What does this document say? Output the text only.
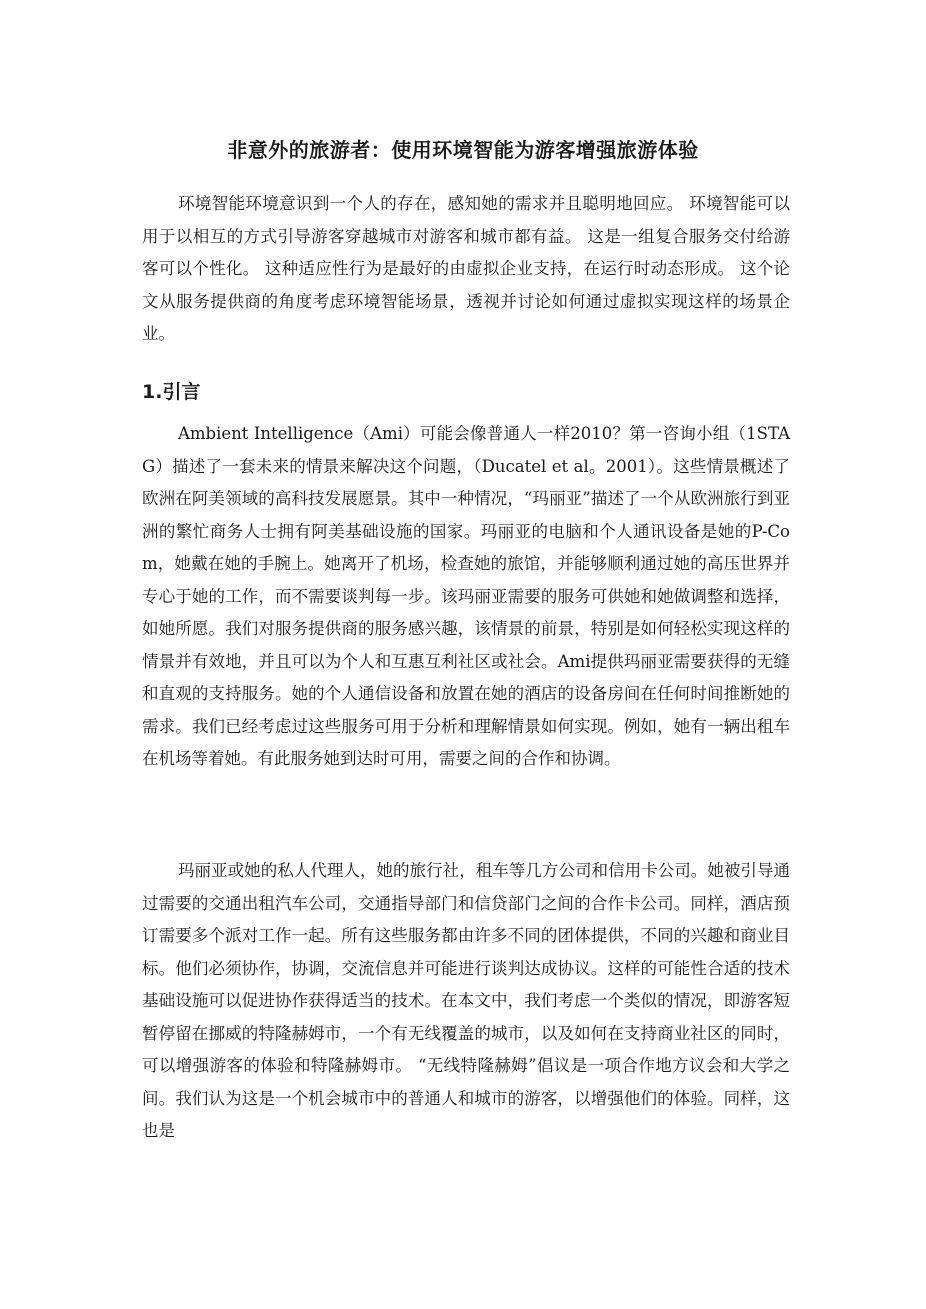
非意外的旅游者：使用环境智能为游客增强旅游体验

环境智能环境意识到一个人的存在，感知她的需求并且聪明地回应。 环境智能可以用于以相互的方式引导游客穿越城市对游客和城市都有益。 这是一组复合服务交付给游客可以个性化。 这种适应性行为是最好的由虚拟企业支持，在运行时动态形成。 这个论文从服务提供商的角度考虑环境智能场景，透视并讨论如何通过虚拟实现这样的场景企业。

1.引言

Ambient Intelligence（Ami）可能会像普通人一样2010？第一咨询小组（1STAG）描述了一套未来的情景来解决这个问题，（Ducatel et al。2001）。这些情景概述了欧洲在阿美领域的高科技发展愿景。其中一种情况，“玛丽亚”描述了一个从欧洲旅行到亚洲的繁忙商务人士拥有阿美基础设施的国家。玛丽亚的电脑和个人通讯设备是她的P-Com，她戴在她的手腕上。她离开了机场，检查她的旅馆，并能够顺利通过她的高压世界并专心于她的工作，而不需要谈判每一步。该玛丽亚需要的服务可供她和她做调整和选择，如她所愿。我们对服务提供商的服务感兴趣，该情景的前景，特别是如何轻松实现这样的情景并有效地，并且可以为个人和互惠互利社区或社会。Ami提供玛丽亚需要获得的无缝和直观的支持服务。她的个人通信设备和放置在她的酒店的设备房间在任何时间推断她的需求。我们已经考虑过这些服务可用于分析和理解情景如何实现。例如，她有一辆出租车在机场等着她。有此服务她到达时可用，需要之间的合作和协调。

玛丽亚或她的私人代理人，她的旅行社，租车等几方公司和信用卡公司。她被引导通过需要的交通出租汽车公司，交通指导部门和信贷部门之间的合作卡公司。同样，酒店预订需要多个派对工作一起。所有这些服务都由许多不同的团体提供，不同的兴趣和商业目标。他们必须协作，协调，交流信息并可能进行谈判达成协议。这样的可能性合适的技术基础设施可以促进协作获得适当的技术。在本文中，我们考虑一个类似的情况，即游客短暂停留在挪威的特隆赫姆市，一个有无线覆盖的城市，以及如何在支持商业社区的同时，可以增强游客的体验和特隆赫姆市。 “无线特隆赫姆”倡议是一项合作地方议会和大学之间。我们认为这是一个机会城市中的普通人和城市的游客，以增强他们的体验。同样，这也是
